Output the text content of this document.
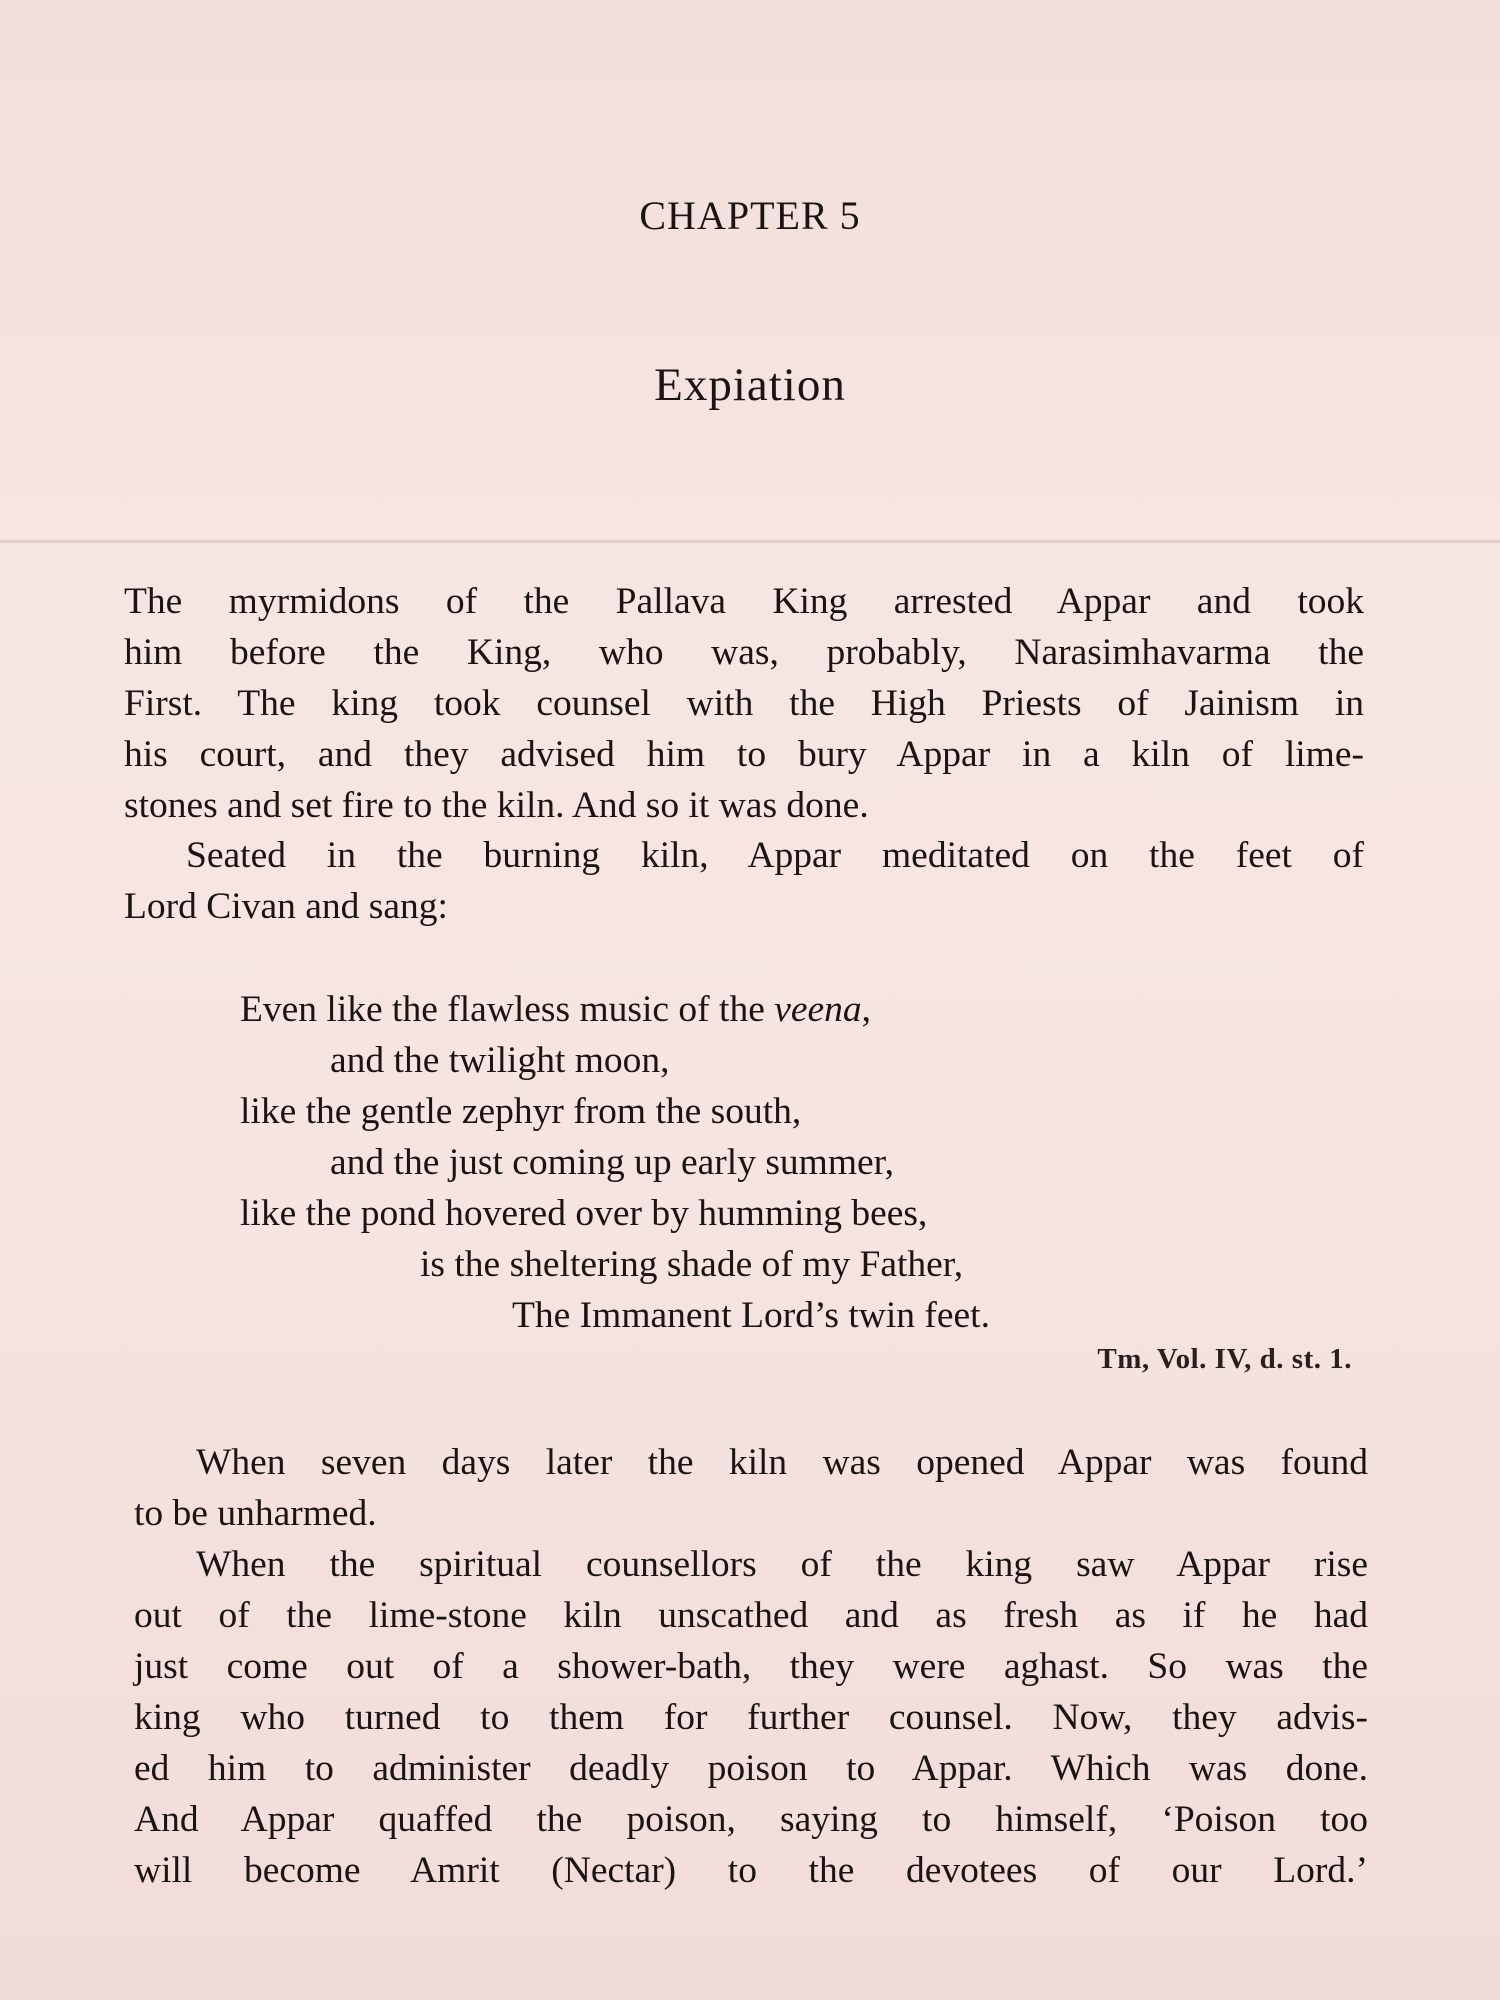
CHAPTER 5
Expiation

The myrmidons of the Pallava King arrested Appar and took
him before the King, who was, probably, Narasimhavarma the
First. The king took counsel with the High Priests of Jainism in
his court, and they advised him to bury Appar in a kiln of lime-
stones and set fire to the kiln. And so it was done.

Seated in the burning kiln, Appar meditated on the feet of
Lord Civan and sang:

Even like the flawless music of the veena,
and the twilight moon,
like the gentle zephyr from the south,
and the just coming up early summer,
like the pond hovered over by humming bees,
is the sheltering shade of my Father,
The Immanent Lord’s twin feet.
Tm, Vol. IV, d. st. 1.

When seven days later the kiln was opened Appar was found
to be unharmed.

When the spiritual counsellors of the king saw Appar rise
out of the lime-stone kiln unscathed and as fresh as if he had
just come out of a shower-bath, they were aghast. So was the
king who turned to them for further counsel. Now, they advis-
ed him to administer deadly poison to Appar. Which was done.
And Appar quaffed the poison, saying to himself, ‘Poison too
will become Amrit (Nectar) to the devotees of our Lord.’
